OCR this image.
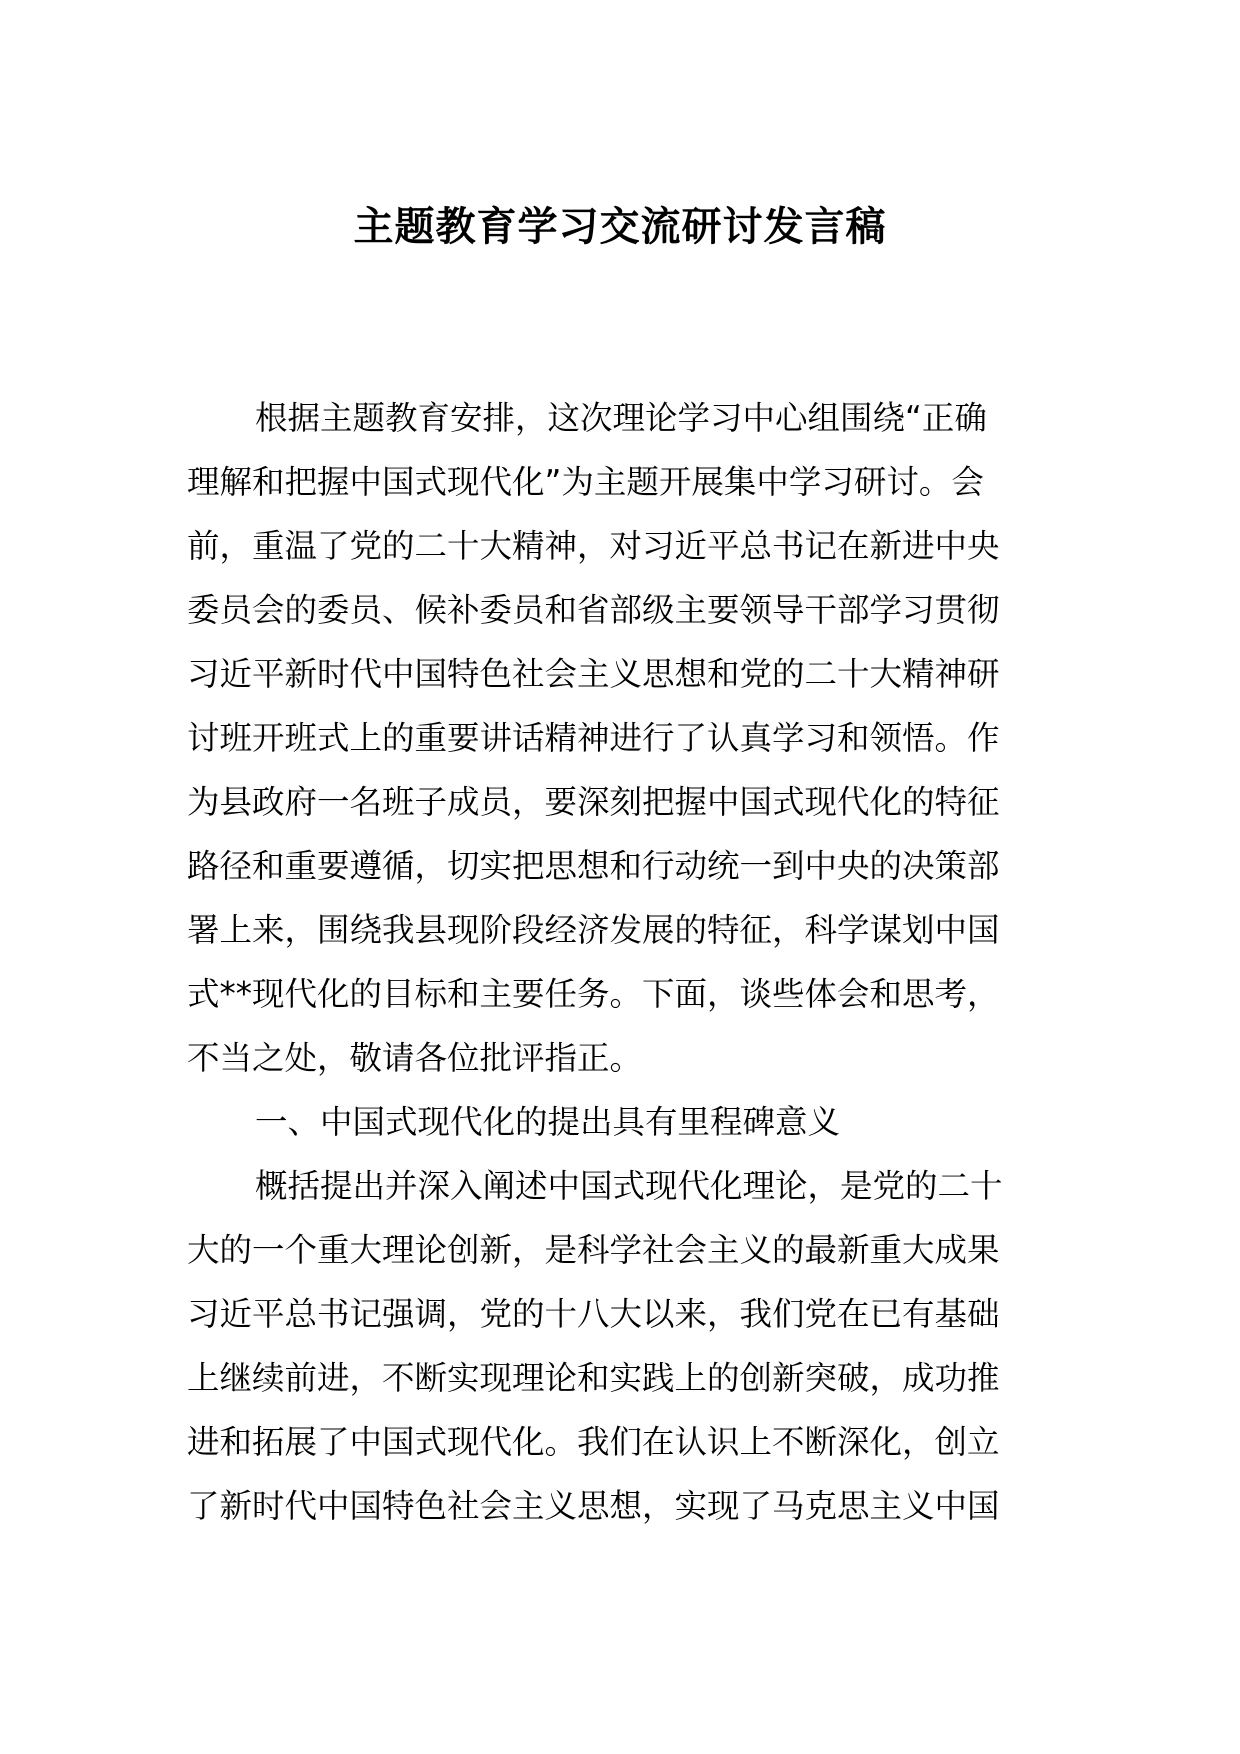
主题教育学习交流研讨发言稿
根据主题教育安排，这次理论学习中心组围绕“正确
理解和把握中国式现代化”为主题开展集中学习研讨。会
前，重温了党的二十大精神，对习近平总书记在新进中央
委员会的委员、候补委员和省部级主要领导干部学习贯彻
习近平新时代中国特色社会主义思想和党的二十大精神研
讨班开班式上的重要讲话精神进行了认真学习和领悟。作
为县政府一名班子成员，要深刻把握中国式现代化的特征
路径和重要遵循，切实把思想和行动统一到中央的决策部
署上来，围绕我县现阶段经济发展的特征，科学谋划中国
式**现代化的目标和主要任务。下面，谈些体会和思考，
不当之处，敬请各位批评指正。
一、中国式现代化的提出具有里程碑意义
概括提出并深入阐述中国式现代化理论，是党的二十
大的一个重大理论创新，是科学社会主义的最新重大成果
习近平总书记强调，党的十八大以来，我们党在已有基础
上继续前进，不断实现理论和实践上的创新突破，成功推
进和拓展了中国式现代化。我们在认识上不断深化，创立
了新时代中国特色社会主义思想，实现了马克思主义中国
